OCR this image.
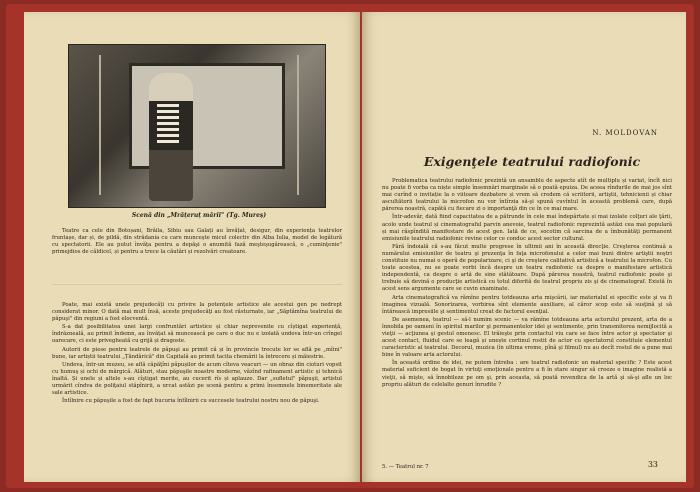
Scenă din „Mrățeruț mării" (Tg. Mureș)

Teatre ca cele din Botoșani, Brăila, Sibiu sau Galați au învățat, desigur, din experiența teatrelor fruntașe, dar și, de pildă, din strădania cu care munceşte micul colectiv din Alba Iulia, model de legătură cu spectatorii. Ele au putut învăța pentru a depăşi o anumită fază meşteşugărească, o „cuminţenie" primejdios de căldicel, și pentru a trece la căutări și rezolvări creatoare.

Poate, mai există unele prejudecăți cu privire la potențele artistice ale acestui gen pe nedrept considerat minor. O dată mai mult însă, aceste prejudecăţi au fost răsturnate, iar „Săptămîna teatrului de păpuşi" din regiuni a fost elocventă.

S-a dat posibilitatea unei largi confruntări artistice și chiar neprevenite cu cîștigat experiență, îndrăzneală, au primit îndemn, au învățat să muncească pe care o duc nu e izolată undeva într-un crîngel oarecare, ci este privegheată cu grijă și dragoste.

Autorii de piese pentru teatrele de păpuşi au primit că și în provincie trecute lor se află pe „mîini" bune, iar artiștii teatrului „Țăndărică" din Capitală au primit tacita chemării la întrecere și măiestrie.

Undeva, într-un muzeu, se află căpăţîni păpușilor de acum cîteva veacuri — un obraz din cioturi vopsit cu humuş și ochi de mărgică. Alături, stau păpuşile noastre moderne, văzînd rafinament artistic și tehnică înaltă. Și unele și altele s-au cîştigat merite, au cucerit rîs și aplauze. Dar „sufletul" păpuşii, artistul urmărit cîndva de poliţaiul stăpînirii, a urcat astăzi pe scenă pentru a primi însemnele binemeritate ale sale artistice.

Întîlnire cu păpuşile a fost de fapt bucuria întîlnirii cu succesele teatrului nostru nou de păpuşi.

N. MOLDOVAN
Exigenţele teatrului radiofonic

Problematica teatrului radiofonic prezintă un ansamblu de aspecte atît de multiplu și variat, încît nici nu poate fi vorba ca niște simple însemnări marginale să o poată epuiza. De aceea rîndurile de mai jos sînt mai curînd o invitație la o viitoare dezbatere și vrem să credem că scriitorii, artiştii, tehnicienii și chiar ascultătorii teatrului la microfon nu vor întîrzia să-şi spună cuvîntul în această problemă care, după părerea noastră, capătă cu fiecare zi o importanţă din ce în ce mai mare.

Într-adevăr, dată fiind capacitatea de a pătrunde în cele mai îndepărtate și mai izolate colţuri ale ţării, acolo unde teatrul și cinematograful parvin anevoie, teatrul radiofonic reprezintă astăzi cea mai populară și mai răspîndită manifestare de acest gen. Iată de ce, socotim că sarcina de a îmbunătăţi permanent emisiunile teatrului radiofonic revine celor ce conduc acest sector cultural.

Fără îndoială că s-au făcut multe progrese în ultimii ani în această direcţie. Creşterea continuă a numărului emisiunilor de teatru şi prezenţa în faţa microfonului a celor mai buni dintre artiştii noştri constituie nu numai o operă de popularizare, ci şi de creştere calitativă artistică a teatrului la microfon. Cu toate acestea, nu se poate vorbi încă despre un teatru radiofonic ca despre o manifestare artistică independentă, ca despre o artă de sine stătătoare. După părerea noastră, teatrul radiofonic poate şi trebuie să devină o producţie artistică cu totul diferită de teatrul propriu zis şi de cinematograf. Există în acest sens argumente care se cuvin examinate.

Arta cinematografică va rămîne pentru totdeauna arta mişcării, iar materialul ei specific este şi va fi imaginea vizuală. Sonorizarea, vorbirea sînt elemente auxiliare, al căror scop este să susţină şi să întărească impresiile şi sentimentul creat de factorul esenţial.

De asemenea, teatrul — să-l numim scenic — va rămîne totdeauna arta actorului prezent, arta de a înnobila pe oameni în spiritul marilor şi permanentelor idei şi sentimente, prin transmiterea nemijlocită a vieţii — acţiunea şi gestul omenesc. El trăieşte prin contactul viu care se face între actor şi spectator şi acest contact, fluidul care se leagă și unește cortinul rostit de actor cu spectatorul constituie elementul caracteristic al teatrului. Decorul, muzica (în ultima vreme, pînă şi filmul) nu au decît rostul de a pune mai bine în valoare arta actorului.

În această ordine de idei, ne putem întreba : are teatrul radiofonic un material specific ? Este acest material suficient de bogat în virtuţi emoţionale pentru a fi în stare singur să creeze o imagine realistă a vieţii, să miște, să înnobileze pe om şi, prin aceasta, să poată revendica de la artă şi să-şi afle un loc propriu alături de celelalte genuri înrudite ?

5. — Teatrul nr. 7	33
